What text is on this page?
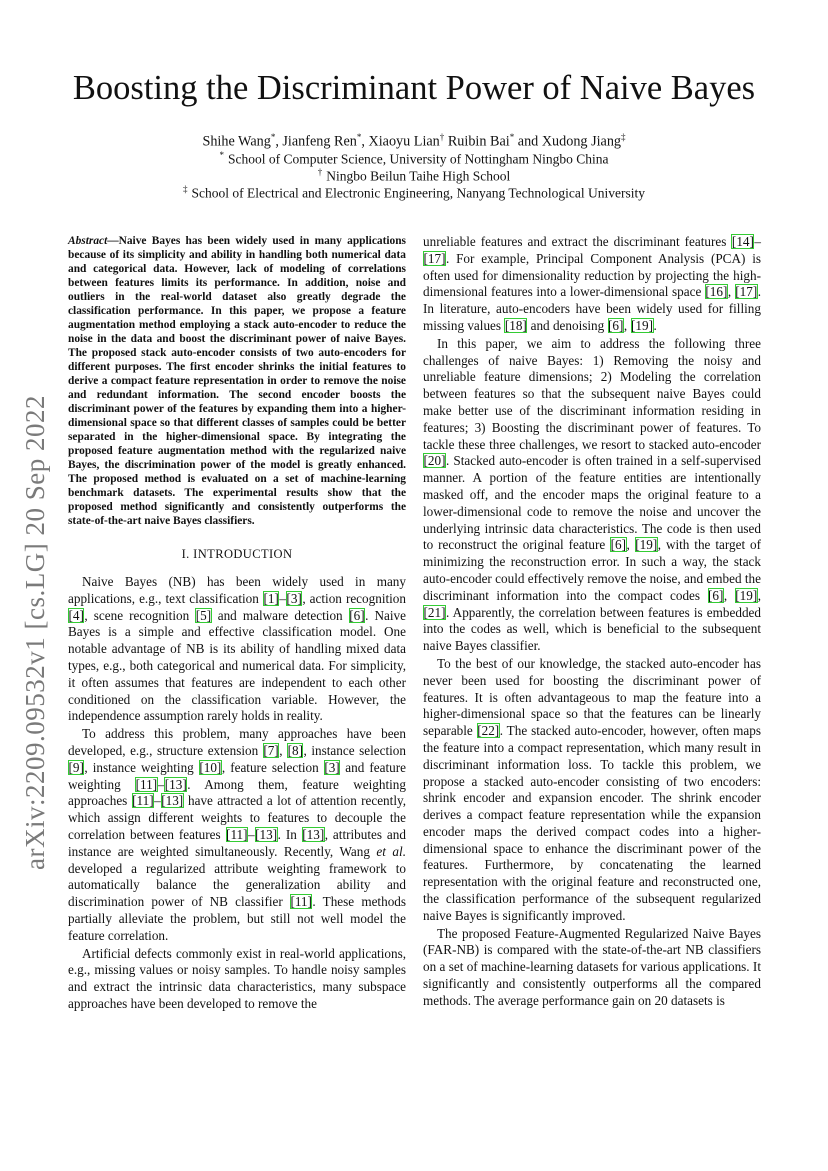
arXiv:2209.09532v1 [cs.LG] 20 Sep 2022
Boosting the Discriminant Power of Naive Bayes
Shihe Wang*, Jianfeng Ren*, Xiaoyu Lian† Ruibin Bai* and Xudong Jiang‡
* School of Computer Science, University of Nottingham Ningbo China
† Ningbo Beilun Taihe High School
‡ School of Electrical and Electronic Engineering, Nanyang Technological University

Abstract—Naive Bayes has been widely used in many applications because of its simplicity and ability in handling both numerical data and categorical data. However, lack of modeling of correlations between features limits its performance. In addition, noise and outliers in the real-world dataset also greatly degrade the classification performance. In this paper, we propose a feature augmentation method employing a stack auto-encoder to reduce the noise in the data and boost the discriminant power of naive Bayes. The proposed stack auto-encoder consists of two auto-encoders for different purposes. The first encoder shrinks the initial features to derive a compact feature representation in order to remove the noise and redundant information. The second encoder boosts the discriminant power of the features by expanding them into a higher-dimensional space so that different classes of samples could be better separated in the higher-dimensional space. By integrating the proposed feature augmentation method with the regularized naive Bayes, the discrimination power of the model is greatly enhanced. The proposed method is evaluated on a set of machine-learning benchmark datasets. The experimental results show that the proposed method significantly and consistently outperforms the state-of-the-art naive Bayes classifiers.

I. INTRODUCTION

Naive Bayes (NB) has been widely used in many applications, e.g., text classification [1]–[3], action recognition [4], scene recognition [5] and malware detection [6]. Naive Bayes is a simple and effective classification model. One notable advantage of NB is its ability of handling mixed data types, e.g., both categorical and numerical data. For simplicity, it often assumes that features are independent to each other conditioned on the classification variable. However, the independence assumption rarely holds in reality.

To address this problem, many approaches have been developed, e.g., structure extension [7], [8], instance selection [9], instance weighting [10], feature selection [3] and feature weighting [11]–[13]. Among them, feature weighting approaches [11]–[13] have attracted a lot of attention recently, which assign different weights to features to decouple the correlation between features [11]–[13]. In [13], attributes and instance are weighted simultaneously. Recently, Wang et al. developed a regularized attribute weighting framework to automatically balance the generalization ability and discrimination power of NB classifier [11]. These methods partially alleviate the problem, but still not well model the feature correlation.

Artificial defects commonly exist in real-world applications, e.g., missing values or noisy samples. To handle noisy samples and extract the intrinsic data characteristics, many subspace approaches have been developed to remove the

unreliable features and extract the discriminant features [14]–[17]. For example, Principal Component Analysis (PCA) is often used for dimensionality reduction by projecting the high-dimensional features into a lower-dimensional space [16], [17]. In literature, auto-encoders have been widely used for filling missing values [18] and denoising [6], [19].

In this paper, we aim to address the following three challenges of naive Bayes: 1) Removing the noisy and unreliable feature dimensions; 2) Modeling the correlation between features so that the subsequent naive Bayes could make better use of the discriminant information residing in features; 3) Boosting the discriminant power of features. To tackle these three challenges, we resort to stacked auto-encoder [20]. Stacked auto-encoder is often trained in a self-supervised manner. A portion of the feature entities are intentionally masked off, and the encoder maps the original feature to a lower-dimensional code to remove the noise and uncover the underlying intrinsic data characteristics. The code is then used to reconstruct the original feature [6], [19], with the target of minimizing the reconstruction error. In such a way, the stack auto-encoder could effectively remove the noise, and embed the discriminant information into the compact codes [6], [19], [21]. Apparently, the correlation between features is embedded into the codes as well, which is beneficial to the subsequent naive Bayes classifier.

To the best of our knowledge, the stacked auto-encoder has never been used for boosting the discriminant power of features. It is often advantageous to map the feature into a higher-dimensional space so that the features can be linearly separable [22]. The stacked auto-encoder, however, often maps the feature into a compact representation, which many result in discriminant information loss. To tackle this problem, we propose a stacked auto-encoder consisting of two encoders: shrink encoder and expansion encoder. The shrink encoder derives a compact feature representation while the expansion encoder maps the derived compact codes into a higher-dimensional space to enhance the discriminant power of the features. Furthermore, by concatenating the learned representation with the original feature and reconstructed one, the classification performance of the subsequent regularized naive Bayes is significantly improved.

The proposed Feature-Augmented Regularized Naive Bayes (FAR-NB) is compared with the state-of-the-art NB classifiers on a set of machine-learning datasets for various applications. It significantly and consistently outperforms all the compared methods. The average performance gain on 20 datasets is
